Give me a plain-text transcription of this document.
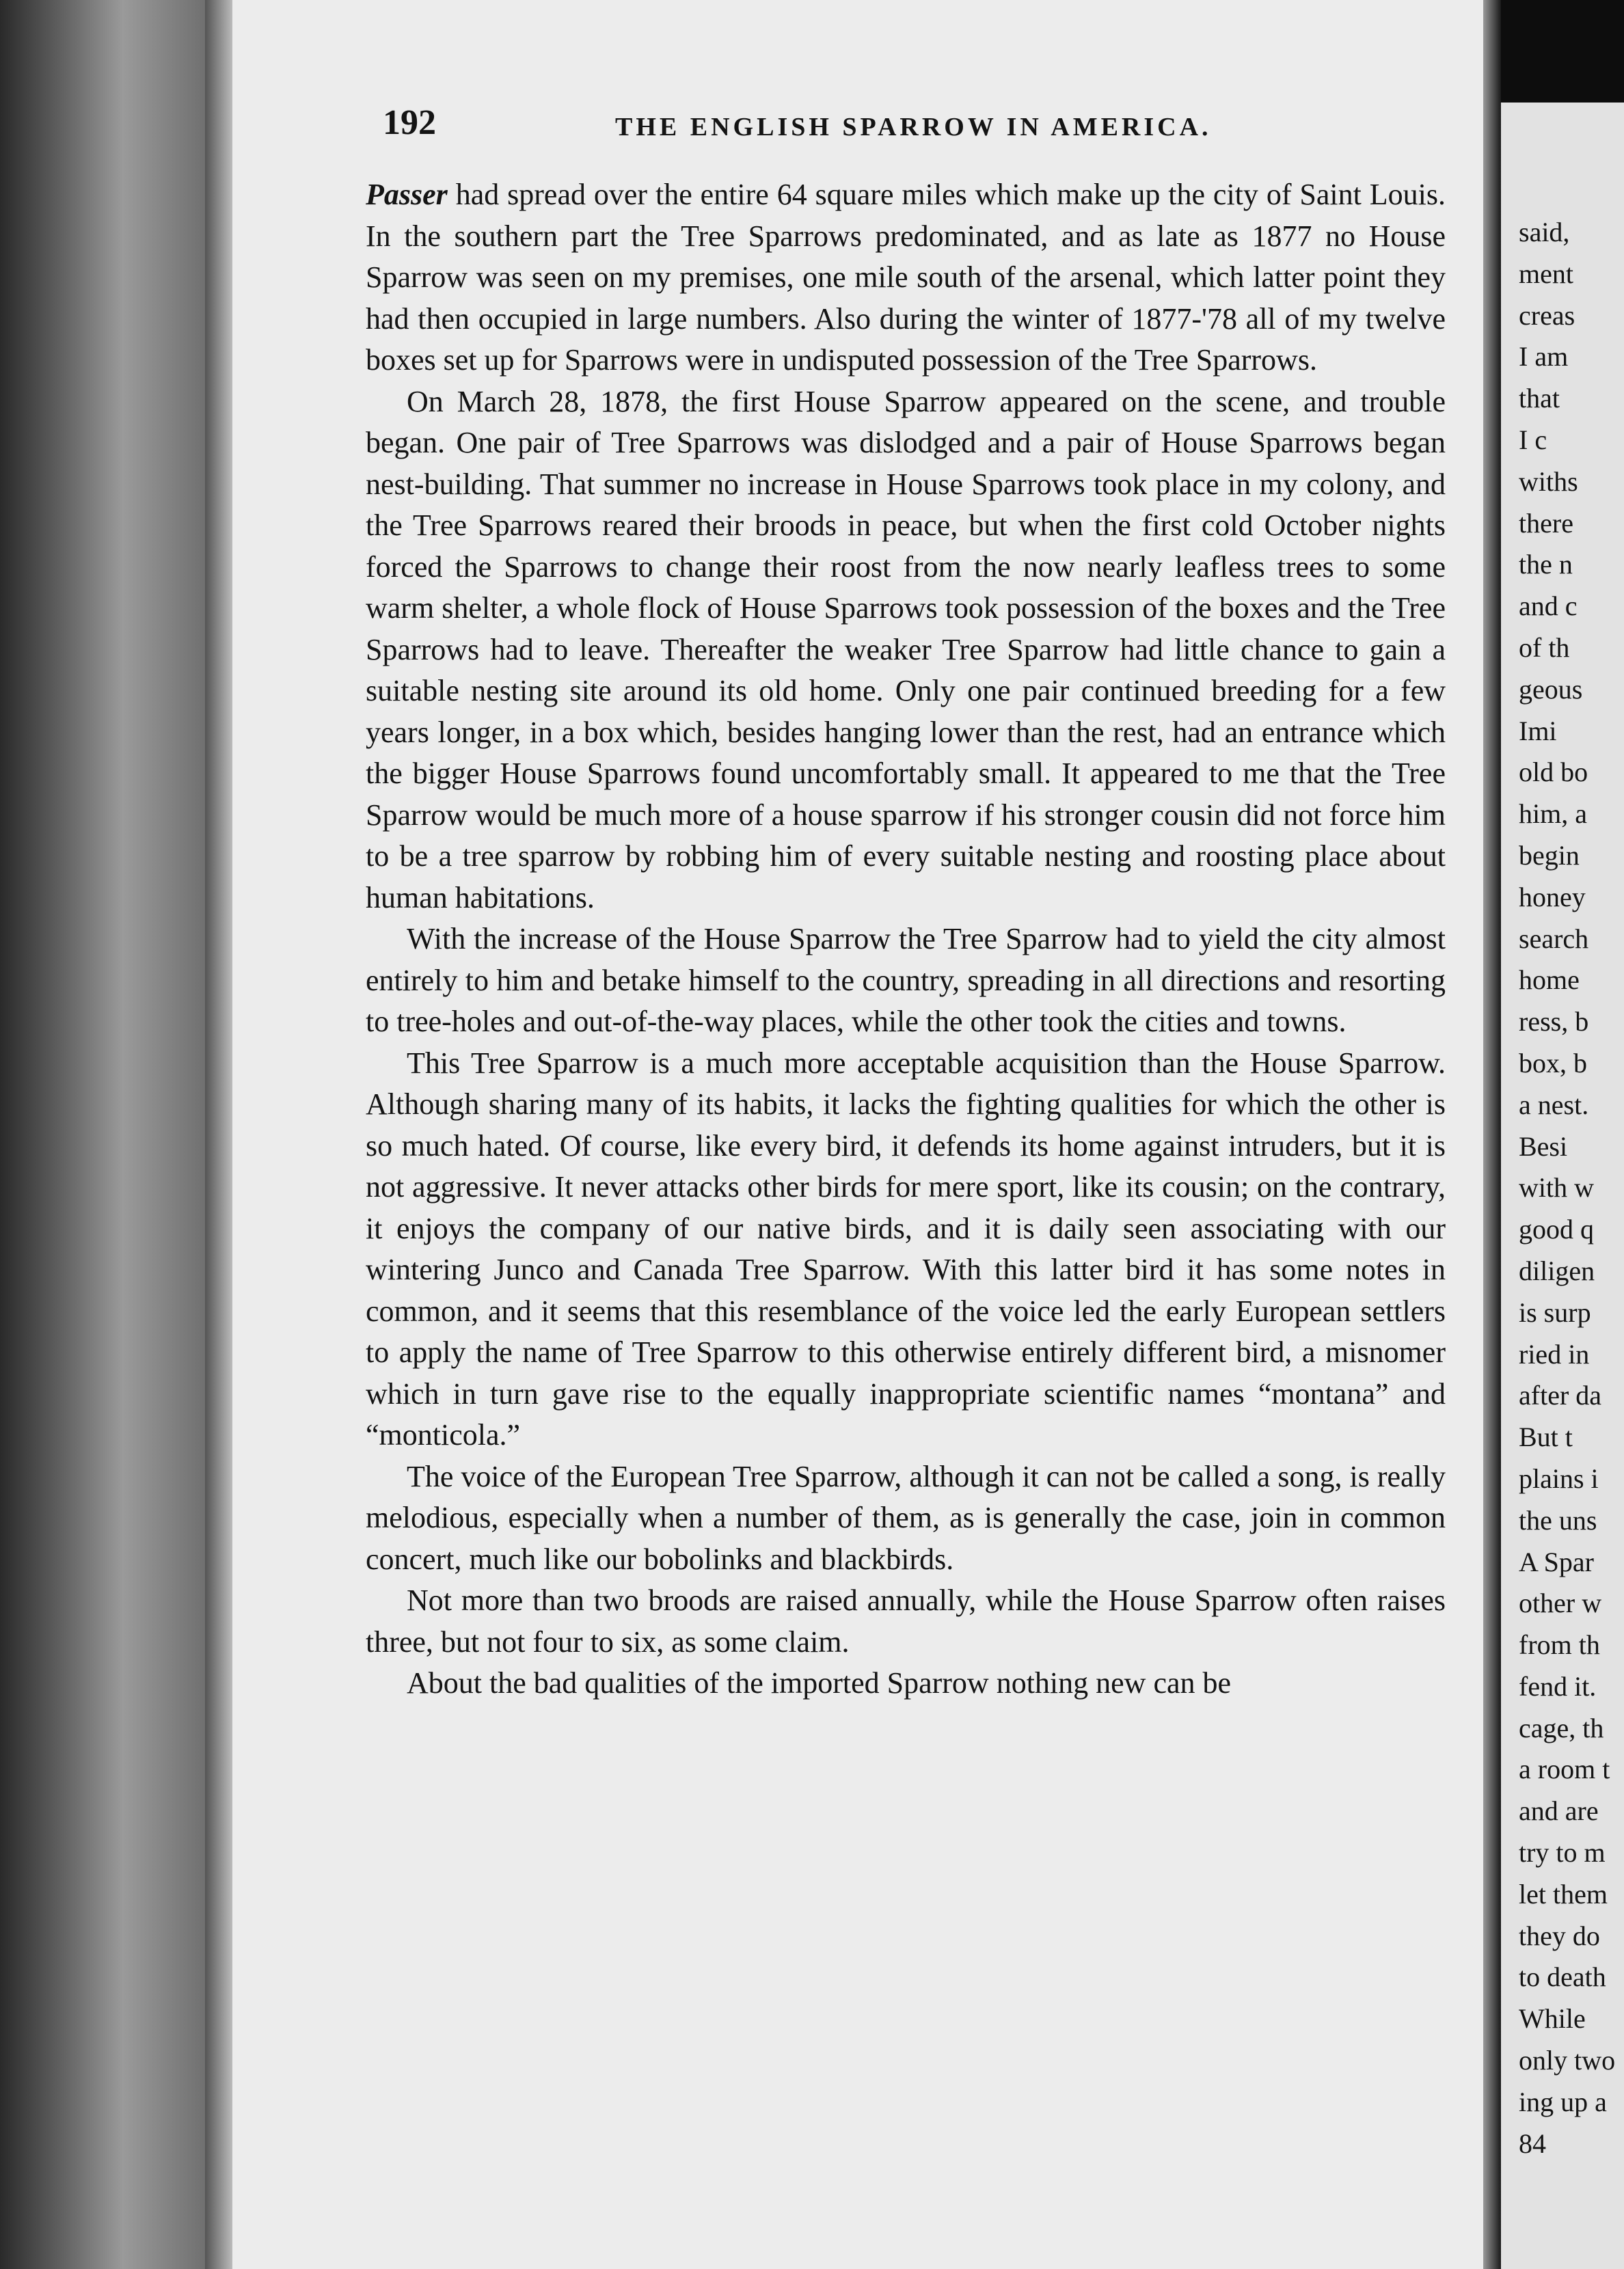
192	THE ENGLISH SPARROW IN AMERICA.

Passer had spread over the entire 64 square miles which make up the city of Saint Louis. In the southern part the Tree Sparrows predominated, and as late as 1877 no House Sparrow was seen on my premises, one mile south of the arsenal, which latter point they had then occupied in large numbers. Also during the winter of 1877-'78 all of my twelve boxes set up for Sparrows were in undisputed possession of the Tree Sparrows.

On March 28, 1878, the first House Sparrow appeared on the scene, and trouble began. One pair of Tree Sparrows was dislodged and a pair of House Sparrows began nest-building. That summer no increase in House Sparrows took place in my colony, and the Tree Sparrows reared their broods in peace, but when the first cold October nights forced the Sparrows to change their roost from the now nearly leafless trees to some warm shelter, a whole flock of House Sparrows took possession of the boxes and the Tree Sparrows had to leave. Thereafter the weaker Tree Sparrow had little chance to gain a suitable nesting site around its old home. Only one pair continued breeding for a few years longer, in a box which, besides hanging lower than the rest, had an entrance which the bigger House Sparrows found uncomfortably small. It appeared to me that the Tree Sparrow would be much more of a house sparrow if his stronger cousin did not force him to be a tree sparrow by robbing him of every suitable nesting and roosting place about human habitations.

With the increase of the House Sparrow the Tree Sparrow had to yield the city almost entirely to him and betake himself to the country, spreading in all directions and resorting to tree-holes and out-of-the-way places, while the other took the cities and towns.

This Tree Sparrow is a much more acceptable acquisition than the House Sparrow. Although sharing many of its habits, it lacks the fighting qualities for which the other is so much hated. Of course, like every bird, it defends its home against intruders, but it is not aggressive. It never attacks other birds for mere sport, like its cousin; on the contrary, it enjoys the company of our native birds, and it is daily seen associating with our wintering Junco and Canada Tree Sparrow. With this latter bird it has some notes in common, and it seems that this resemblance of the voice led the early European settlers to apply the name of Tree Sparrow to this otherwise entirely different bird, a misnomer which in turn gave rise to the equally inappropriate scientific names “montana” and “monticola.”

The voice of the European Tree Sparrow, although it can not be called a song, is really melodious, especially when a number of them, as is generally the case, join in common concert, much like our bobolinks and blackbirds.

Not more than two broods are raised annually, while the House Sparrow often raises three, but not four to six, as some claim.

About the bad qualities of the imported Sparrow nothing new can be

said,
ment
creas
I am
that
I c
withs
there
the n
and c
of th
geous
Imi
old bo
him, a
begin
honey
search
home
ress, b
box, b
a nest.
Besi
with w
good q
diligen
is surp
ried in
after da
But t
plains i
the uns
A Spar
other w
from th
fend it.
cage, th
a room t
and are
try to m
let them
they do
to death
While
only two
ing up a
84
